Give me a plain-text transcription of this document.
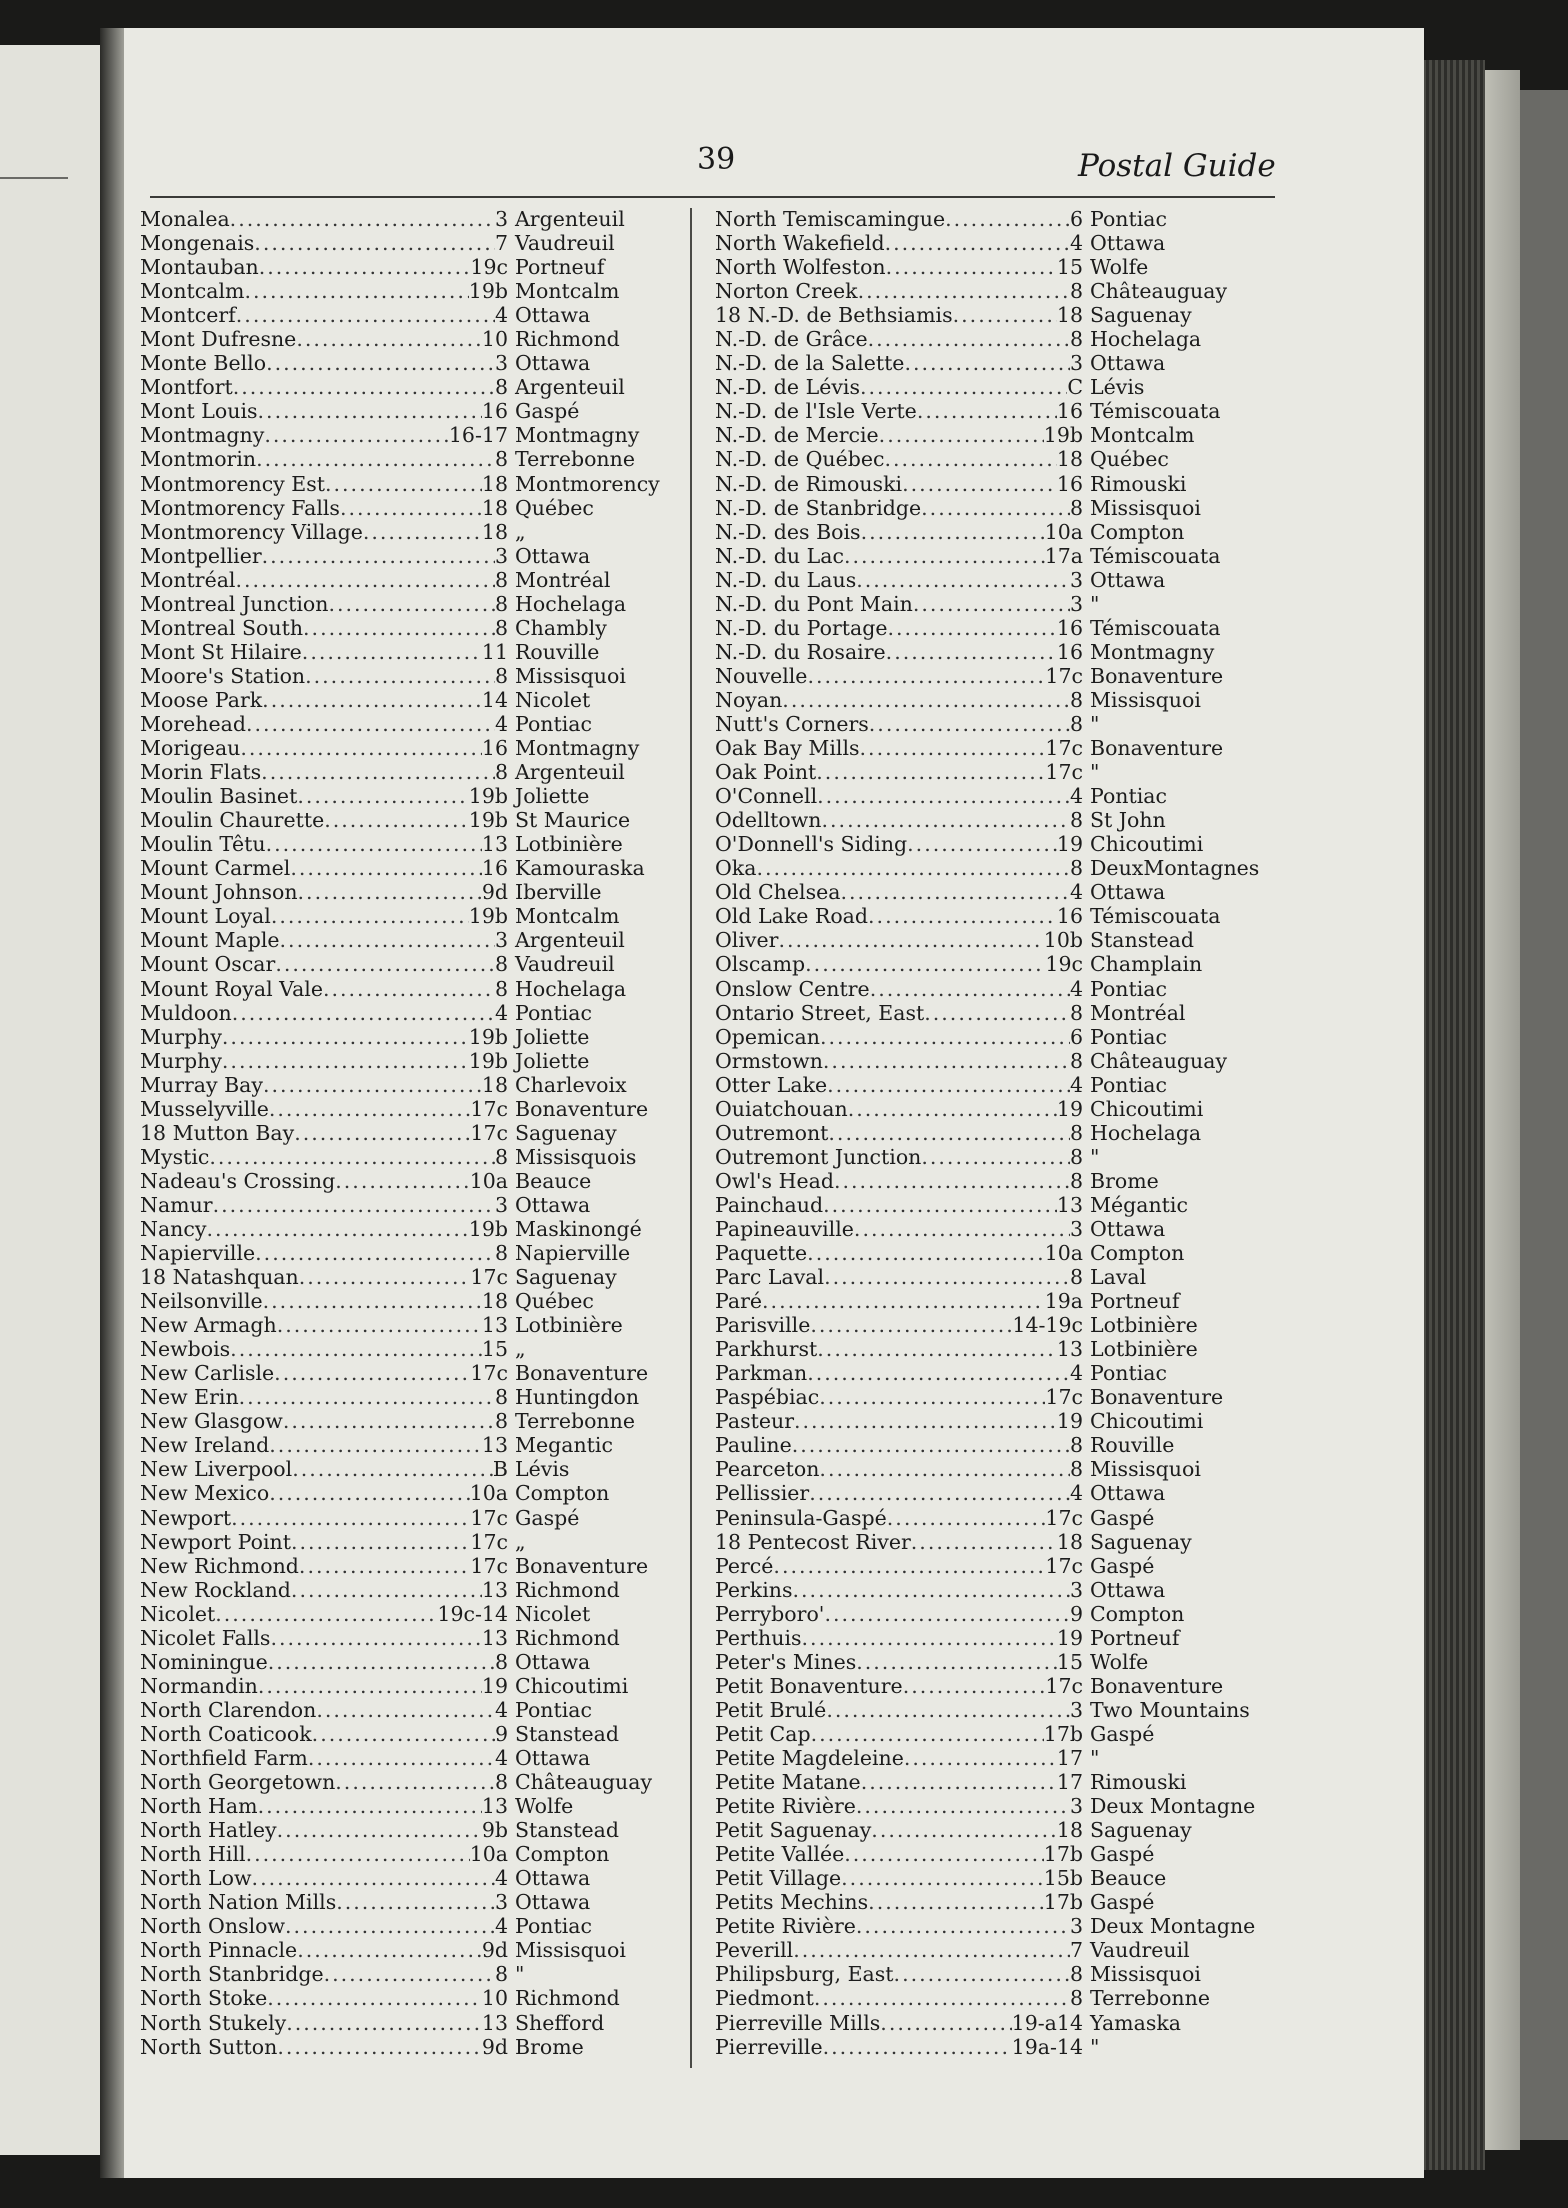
39	Postal Guide
Monalea .....	3 Argenteuil
Mongenais .....	7 Vaudreuil
Montauban .....	19c Portneuf
Montcalm .....	19b Montcalm
Montcerf .....	4 Ottawa
Mont Dufresne .....	10 Richmond
Monte Bello .....	3 Ottawa
Montfort .....	8 Argenteuil
Mont Louis .....	16 Gaspé
Montmagny .....	16-17 Montmagny
Montmorin .....	8 Terrebonne
Montmorency Est .....	18 Montmorency
Montmorency Falls .....	18 Québec
Montmorency Village .....	18 „
Montpellier .....	3 Ottawa
Montréal .....	8 Montréal
Montreal Junction .....	8 Hochelaga
Montreal South .....	8 Chambly
Mont St Hilaire .....	11 Rouville
Moore's Station .....	8 Missisquoi
Moose Park .....	14 Nicolet
Morehead .....	4 Pontiac
Morigeau .....	16 Montmagny
Morin Flats .....	8 Argenteuil
Moulin Basinet .....	19b Joliette
Moulin Chaurette .....	19b St Maurice
Moulin Têtu .....	13 Lotbinière
Mount Carmel .....	16 Kamouraska
Mount Johnson .....	9d Iberville
Mount Loyal .....	19b Montcalm
Mount Maple .....	3 Argenteuil
Mount Oscar .....	8 Vaudreuil
Mount Royal Vale .....	8 Hochelaga
Muldoon .....	4 Pontiac
Murphy .....	19b Joliette
Murphy .....	19b Joliette
Murray Bay .....	18 Charlevoix
Musselyville .....	17c Bonaventure
18 Mutton Bay .....	17c Saguenay
Mystic .....	8 Missisquois
Nadeau's Crossing .....	10a Beauce
Namur .....	3 Ottawa
Nancy .....	19b Maskinongé
Napierville .....	8 Napierville
18 Natashquan .....	17c Saguenay
Neilsonville .....	18 Québec
New Armagh .....	13 Lotbinière
Newbois .....	15 „
New Carlisle .....	17c Bonaventure
New Erin .....	8 Huntingdon
New Glasgow .....	8 Terrebonne
New Ireland .....	13 Megantic
New Liverpool .....	B Lévis
New Mexico .....	10a Compton
Newport .....	17c Gaspé
Newport Point .....	17c „
New Richmond .....	17c Bonaventure
New Rockland .....	13 Richmond
Nicolet .....	19c-14 Nicolet
Nicolet Falls .....	13 Richmond
Nominingue .....	8 Ottawa
Normandin .....	19 Chicoutimi
North Clarendon .....	4 Pontiac
North Coaticook .....	9 Stanstead
Northfield Farm .....	4 Ottawa
North Georgetown .....	8 Châteauguay
North Ham .....	13 Wolfe
North Hatley .....	9b Stanstead
North Hill .....	10a Compton
North Low .....	4 Ottawa
North Nation Mills .....	3 Ottawa
North Onslow .....	4 Pontiac
North Pinnacle .....	9d Missisquoi
North Stanbridge .....	8 "
North Stoke .....	10 Richmond
North Stukely .....	13 Shefford
North Sutton .....	9d Brome
North Temiscamingue .....	6 Pontiac
North Wakefield .....	4 Ottawa
North Wolfeston .....	15 Wolfe
Norton Creek .....	8 Châteauguay
18 N.-D. de Bethsiamis .....	18 Saguenay
N.-D. de Grâce .....	8 Hochelaga
N.-D. de la Salette .....	3 Ottawa
N.-D. de Lévis .....	C Lévis
N.-D. de l'Isle Verte .....	16 Témiscouata
N.-D. de Mercie .....	19b Montcalm
N.-D. de Québec .....	18 Québec
N.-D. de Rimouski .....	16 Rimouski
N.-D. de Stanbridge .....	8 Missisquoi
N.-D. des Bois .....	10a Compton
N.-D. du Lac .....	17a Témiscouata
N.-D. du Laus .....	3 Ottawa
N.-D. du Pont Main .....	3 "
N.-D. du Portage .....	16 Témiscouata
N.-D. du Rosaire .....	16 Montmagny
Nouvelle .....	17c Bonaventure
Noyan .....	8 Missisquoi
Nutt's Corners .....	8 "
Oak Bay Mills .....	17c Bonaventure
Oak Point .....	17c "
O'Connell .....	4 Pontiac
Odelltown .....	8 St John
O'Donnell's Siding .....	19 Chicoutimi
Oka .....	8 DeuxMontagnes
Old Chelsea .....	4 Ottawa
Old Lake Road .....	16 Témiscouata
Oliver .....	10b Stanstead
Olscamp .....	19c Champlain
Onslow Centre .....	4 Pontiac
Ontario Street, East .....	8 Montréal
Opemican .....	6 Pontiac
Ormstown .....	8 Châteauguay
Otter Lake .....	4 Pontiac
Ouiatchouan .....	19 Chicoutimi
Outremont .....	8 Hochelaga
Outremont Junction .....	8 "
Owl's Head .....	8 Brome
Painchaud .....	13 Mégantic
Papineauville .....	3 Ottawa
Paquette .....	10a Compton
Parc Laval .....	8 Laval
Paré .....	19a Portneuf
Parisville .....	14-19c Lotbinière
Parkhurst .....	13 Lotbinière
Parkman .....	4 Pontiac
Paspébiac .....	17c Bonaventure
Pasteur .....	19 Chicoutimi
Pauline .....	8 Rouville
Pearceton .....	8 Missisquoi
Pellissier .....	4 Ottawa
Peninsula-Gaspé .....	17c Gaspé
18 Pentecost River .....	18 Saguenay
Percé .....	17c Gaspé
Perkins .....	3 Ottawa
Perryboro' .....	9 Compton
Perthuis .....	19 Portneuf
Peter's Mines .....	15 Wolfe
Petit Bonaventure .....	17c Bonaventure
Petit Brulé .....	3 Two Mountains
Petit Cap .....	17b Gaspé
Petite Magdeleine .....	17 "
Petite Matane .....	17 Rimouski
Petite Rivière .....	3 Deux Montagne
Petit Saguenay .....	18 Saguenay
Petite Vallée .....	17b Gaspé
Petit Village .....	15b Beauce
Petits Mechins .....	17b Gaspé
Petite Rivière .....	3 Deux Montagne
Peverill .....	7 Vaudreuil
Philipsburg, East .....	8 Missisquoi
Piedmont .....	8 Terrebonne
Pierreville Mills .....	19-a14 Yamaska
Pierreville .....	19a-14 "
